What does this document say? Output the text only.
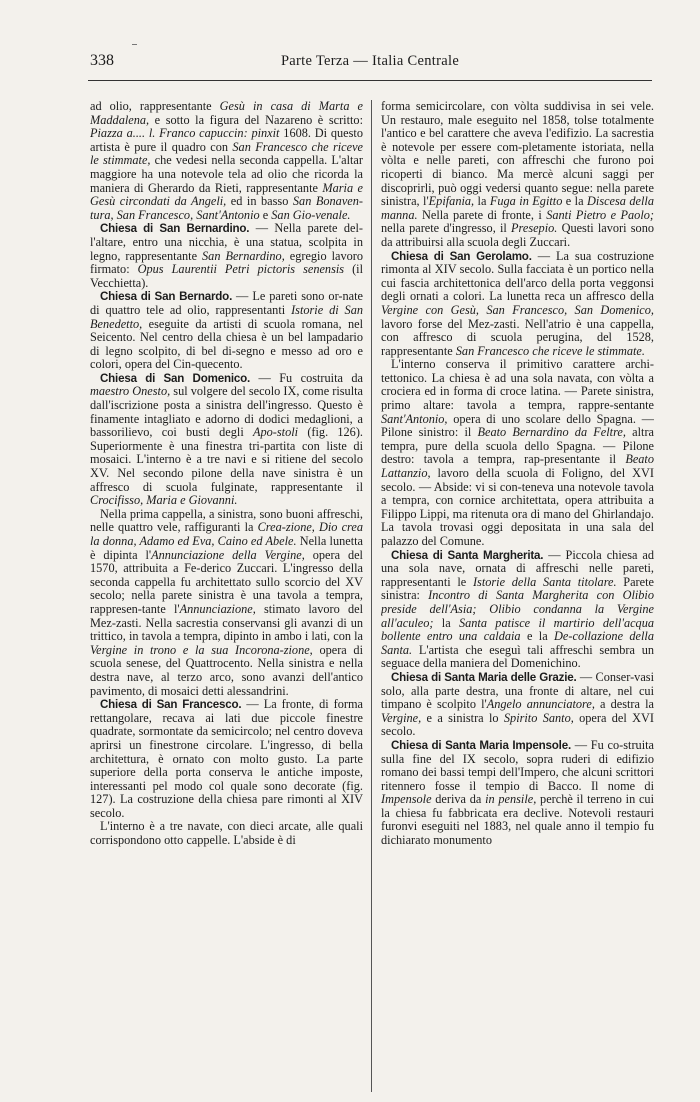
338	Parte Terza — Italia Centrale

ad olio, rappresentante Gesù in casa di Marta e Maddalena, e sotto la figura del Nazareno è scritto: Piazza a.... l. Franco capuccin: pinxit 1608. Di questo artista è pure il quadro con San Francesco che riceve le stimmate, che vedesi nella seconda cappella. L'altar maggiore ha una notevole tela ad olio che ricorda la maniera di Gherardo da Rieti, rappresentante Maria e Gesù circondati da Angeli, ed in basso San Bonaven-tura, San Francesco, Sant'Antonio e San Gio-venale.

Chiesa di San Bernardino. — Nella parete del-l'altare, entro una nicchia, è una statua, scolpita in legno, rappresentante San Bernardino, egregio lavoro firmato: Opus Laurentii Petri pictoris senensis (il Vecchietta).

Chiesa di San Bernardo. — Le pareti sono or-nate di quattro tele ad olio, rappresentanti Istorie di San Benedetto, eseguite da artisti di scuola romana, nel Seicento. Nel centro della chiesa è un bel lampadario di legno scolpito, di bel di-segno e messo ad oro e colori, opera del Cin-quecento.

Chiesa di San Domenico. — Fu costruita da maestro Onesto, sul volgere del secolo IX, come risulta dall'iscrizione posta a sinistra dell'ingresso. Questo è finamente intagliato e adorno di dodici medaglioni, a bassorilievo, coi busti degli Apo-stoli (fig. 126). Superiormente è una finestra tri-partita con liste di mosaici. L'interno è a tre navi e si ritiene del secolo XV. Nel secondo pilone della nave sinistra è un affresco di scuola fulginate, rappresentante il Crocifisso, Maria e Giovanni.

Nella prima cappella, a sinistra, sono buoni affreschi, nelle quattro vele, raffiguranti la Crea-zione, Dio crea la donna, Adamo ed Eva, Caino ed Abele. Nella lunetta è dipinta l'Annunciazione della Vergine, opera del 1570, attribuita a Fe-derico Zuccari. L'ingresso della seconda cappella fu architettato sullo scorcio del XV secolo; nella parete sinistra è una tavola a tempra, rappresen-tante l'Annunciazione, stimato lavoro del Mez-zasti. Nella sacrestia conservansi gli avanzi di un trittico, in tavola a tempra, dipinto in ambo i lati, con la Vergine in trono e la sua Incorona-zione, opera di scuola senese, del Quattrocento. Nella sinistra e nella destra nave, al terzo arco, sono avanzi dell'antico pavimento, di mosaici detti alessandrini.

Chiesa di San Francesco. — La fronte, di forma rettangolare, recava ai lati due piccole finestre quadrate, sormontate da semicircolo; nel centro doveva aprirsi un finestrone circolare. L'ingresso, di bella architettura, è ornato con molto gusto. La parte superiore della porta conserva le antiche imposte, interessanti pel modo col quale sono decorate (fig. 127). La costruzione della chiesa pare rimonti al XIV secolo.

L'interno è a tre navate, con dieci arcate, alle quali corrispondono otto cappelle. L'abside è di

forma semicircolare, con vòlta suddivisa in sei vele. Un restauro, male eseguito nel 1858, tolse totalmente l'antico e bel carattere che aveva l'edifizio. La sacrestia è notevole per essere com-pletamente istoriata, nella vòlta e nelle pareti, con affreschi che furono poi ricoperti di bianco. Ma mercè alcuni saggi per discoprirli, può oggi vedersi quanto segue: nella parete sinistra, l'Epifania, la Fuga in Egitto e la Discesa della manna. Nella parete di fronte, i Santi Pietro e Paolo; nella parete d'ingresso, il Presepio. Questi lavori sono da attribuirsi alla scuola degli Zuccari.

Chiesa di San Gerolamo. — La sua costruzione rimonta al XIV secolo. Sulla facciata è un portico nella cui fascia architettonica dell'arco della porta veggonsi degli ornati a colori. La lunetta reca un affresco della Vergine con Gesù, San Francesco, San Domenico, lavoro forse del Mez-zasti. Nell'atrio è una cappella, con affresco di scuola perugina, del 1528, rappresentante San Francesco che riceve le stimmate.

L'interno conserva il primitivo carattere archi-tettonico. La chiesa è ad una sola navata, con vòlta a crociera ed in forma di croce latina. — Parete sinistra, primo altare: tavola a tempra, rappre-sentante Sant'Antonio, opera di uno scolare dello Spagna. — Pilone sinistro: il Beato Bernardino da Feltre, altra tempra, pure della scuola dello Spagna. — Pilone destro: tavola a tempra, rap-presentante il Beato Lattanzio, lavoro della scuola di Foligno, del XVI secolo. — Abside: vi si con-teneva una notevole tavola a tempra, con cornice architettata, opera attribuita a Filippo Lippi, ma ritenuta ora di mano del Ghirlandajo. La tavola trovasi oggi depositata in una sala del palazzo del Comune.

Chiesa di Santa Margherita. — Piccola chiesa ad una sola nave, ornata di affreschi nelle pareti, rappresentanti le Istorie della Santa titolare. Parete sinistra: Incontro di Santa Margherita con Olibio preside dell'Asia; Olibio condanna la Vergine all'aculeo; la Santa patisce il martirio dell'acqua bollente entro una caldaia e la De-collazione della Santa. L'artista che eseguì tali affreschi sembra un seguace della maniera del Domenichino.

Chiesa di Santa Maria delle Grazie. — Conser-vasi solo, alla parte destra, una fronte di altare, nel cui timpano è scolpito l'Angelo annunciatore, a destra la Vergine, e a sinistra lo Spirito Santo, opera del XVI secolo.

Chiesa di Santa Maria Impensole. — Fu co-struita sulla fine del IX secolo, sopra ruderi di edifizio romano dei bassi tempi dell'Impero, che alcuni scrittori ritennero fosse il tempio di Bacco. Il nome di Impensole deriva da in pensile, perchè il terreno in cui la chiesa fu fabbricata era declive. Notevoli restauri furonvi eseguiti nel 1883, nel quale anno il tempio fu dichiarato monumento
